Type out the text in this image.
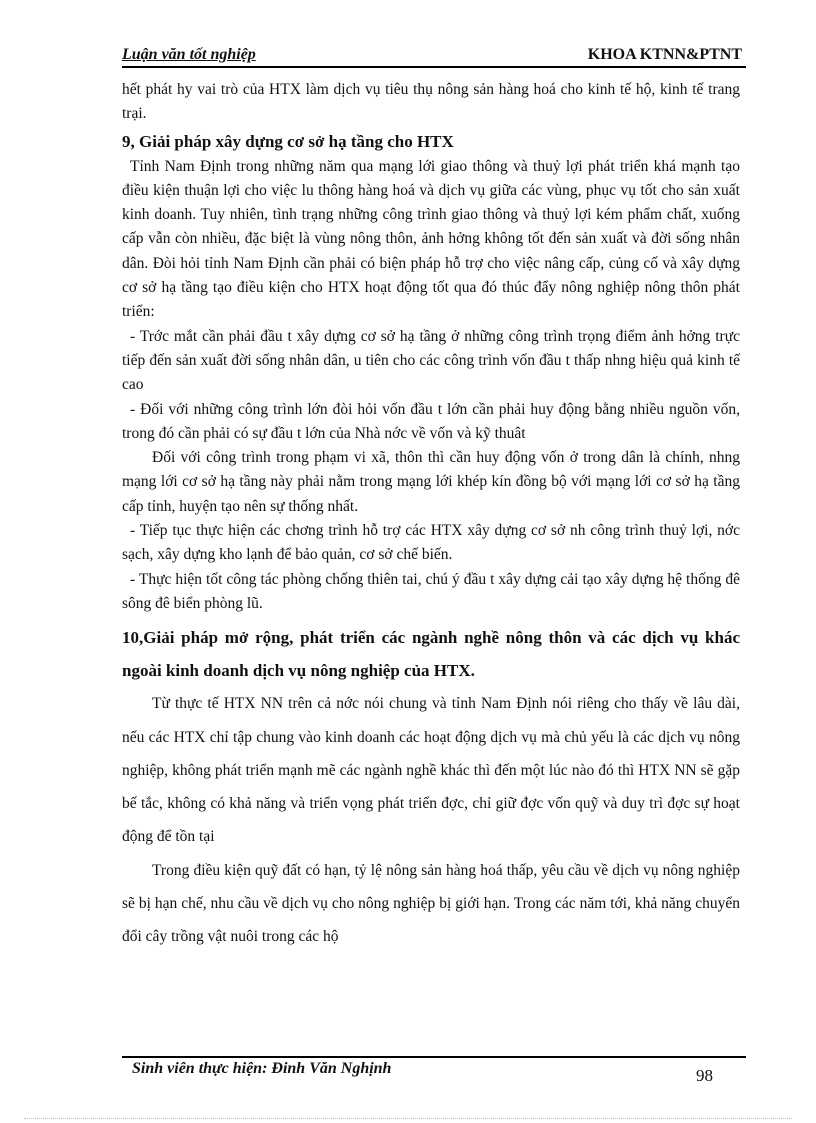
Luận văn tốt nghiệp	KHOA KTNN&PTNT

hết phát hy vai trò của HTX làm dịch vụ tiêu thụ nông sản hàng hoá cho kinh tế hộ, kinh tế trang trại.

9, Giải pháp xây dựng cơ sở hạ tầng cho HTX

Tỉnh Nam Định trong những năm qua mạng lới giao thông và thuỷ lợi phát triển khá mạnh tạo điều kiện thuận lợi cho việc lu thông hàng hoá và dịch vụ giữa các vùng, phục vụ tốt cho sản xuất kinh doanh. Tuy nhiên, tình trạng những công trình giao thông và thuỷ lợi kém phẩm chất, xuống cấp vẫn còn nhiều, đặc biệt là vùng nông thôn, ảnh hởng không tốt đến sản xuất và đời sống nhân dân. Đòi hỏi tỉnh Nam Định cần phải có biện pháp hỗ trợ cho việc nâng cấp, củng cố và xây dựng cơ sở hạ tầng tạo điều kiện cho HTX hoạt động tốt qua đó thúc đẩy nông nghiệp nông thôn phát triển:

- Trớc mắt cần phải đầu t xây dựng cơ sở hạ tầng ở những công trình trọng điểm ảnh hởng trực tiếp đến sản xuất đời sống nhân dân, u tiên cho các công trình vốn đầu t thấp nhng hiệu quả kinh tế cao

- Đối với những công trình lớn đòi hỏi vốn đầu t lớn cần phải huy động bằng nhiều nguồn vốn, trong đó cần phải có sự đầu t lớn của Nhà nớc về vốn và kỹ thuât

Đối với công trình trong phạm vi xã, thôn thì cần huy động vốn ở trong dân là chính, nhng mạng lới cơ sở hạ tầng này phải nằm trong mạng lới khép kín đồng bộ với mạng lới cơ sở hạ tầng cấp tỉnh, huyện tạo nên sự thống nhất.

- Tiếp tục thực hiện các chơng trình hỗ trợ các HTX xây dựng cơ sở nh công trình thuỷ lợi, nớc sạch, xây dựng kho lạnh để bảo quản, cơ sở chế biến.

- Thực hiện tốt công tác phòng chống thiên tai, chú ý đầu t xây dựng cải tạo xây dựng hệ thống đê sông đê biển phòng lũ.

10,Giải pháp mở rộng, phát triển các ngành nghề nông thôn và các dịch vụ khác ngoài kinh doanh dịch vụ nông nghiệp của HTX.

Từ thực tế HTX NN trên cả nớc nói chung và tỉnh Nam Định nói riêng cho thấy về lâu dài, nếu các HTX chỉ tập chung vào kinh doanh các hoạt động dịch vụ mà chủ yếu là các dịch vụ nông nghiệp, không phát triển mạnh mẽ các ngành nghề khác thì đến một lúc nào đó thì HTX NN sẽ gặp bế tắc, không có khả năng và triển vọng phát triển đợc, chỉ giữ đợc vốn quỹ và duy trì đợc sự hoạt động để tồn tại

Trong điều kiện quỹ đất có hạn, tỷ lệ nông sản hàng hoá thấp, yêu cầu về dịch vụ nông nghiệp sẽ bị hạn chế, nhu cầu về dịch vụ cho nông nghiệp bị giới hạn. Trong các năm tới, khả năng chuyển đổi cây trồng vật nuôi trong các hộ

Sinh viên thực hiện: Đinh Văn Nghịnh	98
